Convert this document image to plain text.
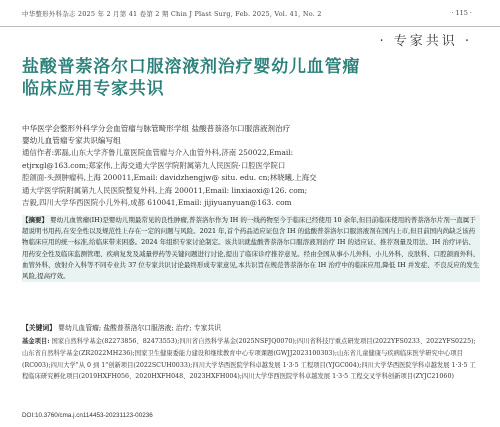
中华整形外科杂志 2025 年 2 月第 41 卷第 2 期 Chin J Plast Surg, Feb. 2025, Vol. 41, No. 2	· 115 ·
· 专家共识 ·
盐酸普萘洛尔口服溶液剂治疗婴幼儿血管瘤
临床应用专家共识
中华医学会整形外科学分会血管瘤与脉管畸形学组 盐酸普萘洛尔口服溶液剂治疗
婴幼儿血管瘤专家共识编写组
通信作者:郭磊,山东大学齐鲁儿童医院血管瘤与介入血管外科,济南 250022,Email:
etjrxgl@163.com;郑家伟,上海交通大学医学院附属第九人民医院·口腔医学院口
腔颌面-头颈肿瘤科,上海 200011,Email: davidzhengjw@ situ. edu. cn;林晓曦,上海交
通大学医学院附属第九人民医院整复外科,上海 200011,Email: linxiaoxi@126. com;
吉毅,四川大学华西医院小儿外科,成都 610041,Email: jijiyuanyuan@163. com
【摘要】 婴幼儿血管瘤(IH)是婴幼儿期最常见的良性肿瘤,普萘洛尔作为 IH 的一线药物至今于临床已经使用 10 余年,但目前临床使用的普萘洛尔片剂一直属于超说明书用药,在安全性以及规范性上存在一定的问题与风险。2021 年,首个药品适应证包含 IH 的盐酸普萘洛尔口服溶液剂在国内上市,但目前国内尚缺乏该药物临床应用的统一标准,给临床带来困惑。2024 年组织专家讨论制定。该共识就盐酸普萘洛尔口服溶液剂治疗 IH 的适应证、推荐剂量及用法、IH 治疗评估、用药安全性及临床监测管理、疾病复发及减量停药等关键问题进行讨论,提出了临床诊疗推荐意见。经由全国从事小儿外科、小儿外科、皮肤科、口腔颌面外科、血管外科、放射介入科等不同专业共 37 位专家共识讨论最终形成专家意见,本共识旨在规范普萘洛尔在 IH 治疗中的临床应用,降低 IH 并发症、不良反应的发生风险,提高疗效。
【关键词】 婴幼儿血管瘤; 盐酸普萘洛尔口服溶液; 治疗; 专家共识
基金项目: 国家自然科学基金(82273856、82473553);四川省自然科学基金(2025NSFJQ0070);四川省科技厅重点研发项目(2022YFS0233、2022YFS0225);山东省自然科学基金(ZR2022MH236);国家卫生健康委能力建设和继续教育中心专项课题(GWJJ2023100303);山东省儿童健康与疾病临床医学研究中心项目(RC003);四川大学"从 0 到 1"创新项目(2022SCUH0033);四川大学华西医院学科卓越发展 1·3·5 工程项目(YJGC004);四川大学华西医院学科卓越发展 1·3·5 工程临床研究孵化项目(2019HXFH056、2020HXFH048、2023HXFH004);四川大学华西医院学科卓越发展 1·3·5 工程交叉学科创新项目(ZYJC21060)
DOI:10.3760/cma.j.cn114453-20231123-00236
